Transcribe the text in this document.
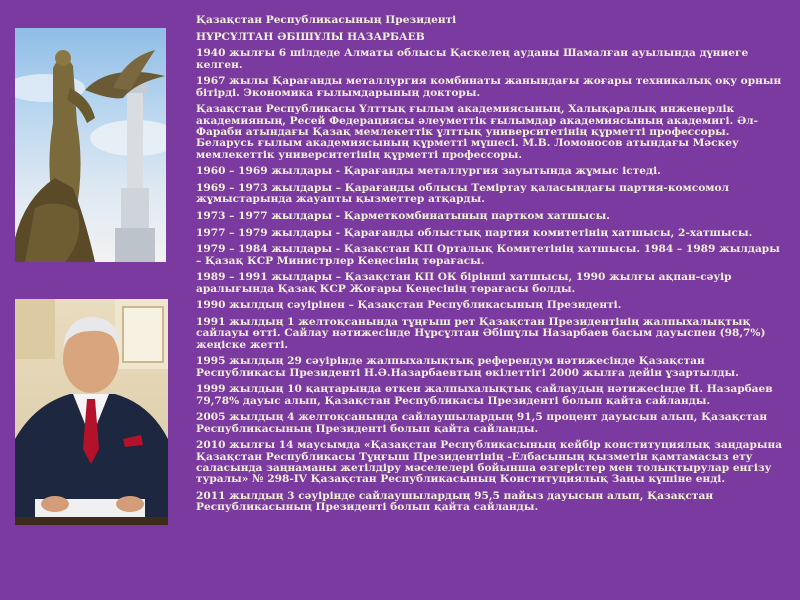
Қазақстан Республикасының Президенті
НҰРСҰЛТАН ӘБІШҰЛЫ НАЗАРБАЕВ
1940 жылғы 6 шілдеде Алматы облысы Қаскелең ауданы Шамалған ауылында дүниеге келген.
1967 жылы Қарағанды металлургия комбинаты жанындағы жоғары техникалық оқу орнын бітірді. Экономика ғылымдарының докторы.
Қазақстан Республикасы Ұлттық ғылым академиясының, Халықаралық инженерлік академияның, Ресей Федерациясы әлеуметтік ғылымдар академиясының академигі. Әл-Фараби атындағы Қазақ мемлекеттік ұлттық университетінің құрметті профессоры. Беларусь ғылым академиясының құрметті мүшесі. М.В. Ломоносов атындағы Мәскеу мемлекеттік университетінің құрметті профессоры.
1960 – 1969 жылдары - Қарағанды металлургия зауытында жұмыс істеді.
1969 – 1973 жылдары – Қарағанды облысы Теміртау қаласындағы партия-комсомол жұмыстарында жауапты қызметтер атқарды.
1973 – 1977 жылдары - Қарметкомбинатының партком хатшысы.
1977 – 1979 жылдары - Қарағанды облыстық партия комитетінің хатшысы, 2-хатшысы.
1979 – 1984 жылдары - Қазақстан КП Орталық Комитетінің хатшысы. 1984 – 1989 жылдары – Қазақ КСР Министрлер Кеңесінің төрағасы.
1989 – 1991 жылдары – Қазақстан КП ОК бірінші хатшысы, 1990 жылғы ақпан-сәуір аралығында Қазақ КСР Жоғары Кеңесінің төрағасы болды.
1990 жылдың сәуірінен – Қазақстан Республикасының Президенті.
1991 жылдың 1 желтоқсанында тұңғыш рет Қазақстан Президентінің жалпыхалықтық сайлауы өтті. Сайлау нәтижесінде Нұрсұлтан Әбішұлы Назарбаев басым дауыспен (98,7%) жеңіске жетті.
1995 жылдың 29 сәуірінде жалпыхалықтық референдум нәтижесінде Қазақстан Республикасы Президенті Н.Ә.Назарбаевтың өкілеттігі 2000 жылға дейін ұзартылды.
1999 жылдың 10 қаңтарында өткен жалпыхалықтық сайлаудың нәтижесінде Н. Назарбаев 79,78% дауыс алып, Қазақстан Республикасы Президенті болып қайта сайланды.
2005 жылдың 4 желтоқсанында сайлаушылардың 91,5 процент дауысын алып, Қазақстан Республикасының Президенті болып қайта сайланды.
2010 жылғы 14 маусымда «Қазақстан Республикасының кейбір конституциялық заңдарына Қазақстан Республикасы Тұңғыш Президентінің -Елбасының қызметін қамтамасыз ету саласында заңнаманы жетілдіру мәселелері бойынша өзгерістер мен толықтырулар енгізу туралы» № 298-IV Қазақстан Республикасының Конституциялық Заңы күшіне енді.
2011 жылдың 3 сәуірінде сайлаушылардың 95,5 пайыз дауысын алып, Қазақстан Республикасының Президенті болып қайта сайланды.
